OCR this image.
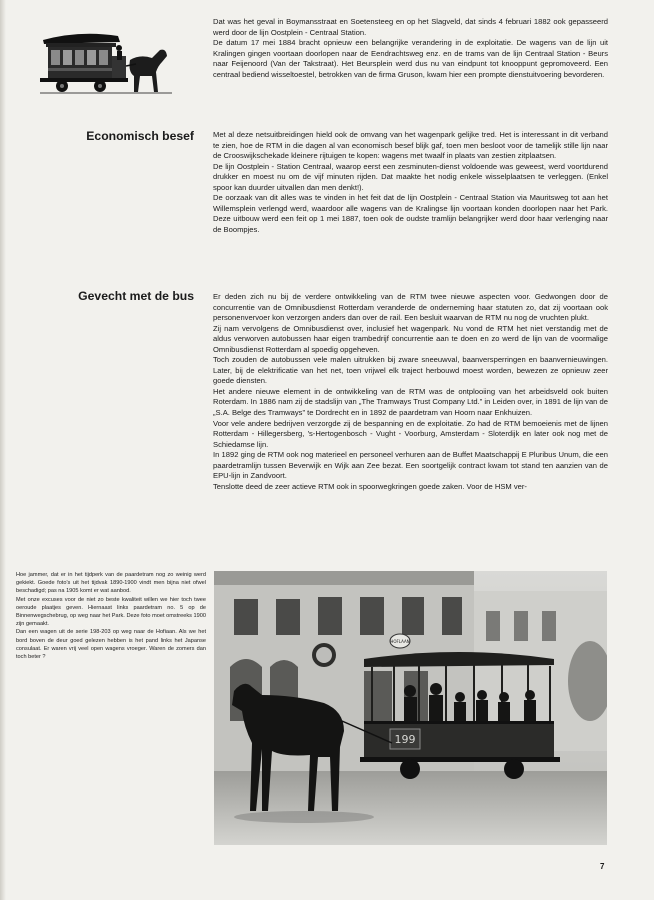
Dat was het geval in Boymansstraat en Soetensteeg en op het Slagveld, dat sinds 4 februari 1882 ook gepasseerd werd door de lijn Oostplein - Centraal Station.

De datum 17 mei 1884 bracht opnieuw een belangrijke verandering in de exploitatie. De wagens van de lijn uit Kralingen gingen voortaan doorlopen naar de Eendrachtsweg enz. en de trams van de lijn Centraal Station - Beurs naar Feijenoord (Van der Takstraat). Het Beursplein werd dus nu van eindpunt tot knooppunt gepromoveerd. Een centraal bediend wisseltoestel, betrokken van de firma Gruson, kwam hier een prompte dienstuitvoering bevorderen.

Economisch besef	Met al deze netsuitbreidingen hield ook de omvang van het wagenpark gelijke tred. Het is interessant in dit verband te zien, hoe de RTM in die dagen al van economisch besef blijk gaf, toen men besloot voor de tamelijk stille lijn naar de Crooswijkschekade kleinere rijtuigen te kopen: wagens met twaalf in plaats van zestien zitplaatsen.

De lijn Oostplein - Station Centraal, waarop eerst een zesminuten-dienst voldoende was geweest, werd voortdurend drukker en moest nu om de vijf minuten rijden. Dat maakte het nodig enkele wisselplaatsen te verleggen. (Enkel spoor kan duurder uitvallen dan men denkt!).

De oorzaak van dit alles was te vinden in het feit dat de lijn Oostplein - Centraal Station via Mauritsweg tot aan het Willemsplein verlengd werd, waardoor alle wagens van de Kralingse lijn voortaan konden doorlopen naar het Park. Deze uitbouw werd een feit op 1 mei 1887, toen ook de oudste tramlijn belangrijker werd door haar verlenging naar de Boompjes.

Gevecht met de bus	Er deden zich nu bij de verdere ontwikkeling van de RTM twee nieuwe aspecten voor. Gedwongen door de concurrentie van de Omnibusdienst Rotterdam veranderde de onderneming haar statuten zo, dat zij voortaan ook personenvervoer kon verzorgen anders dan over de rail. Een besluit waarvan de RTM nu nog de vruchten plukt.

Zij nam vervolgens de Omnibusdienst over, inclusief het wagenpark. Nu vond de RTM het niet verstandig met de aldus verworven autobussen haar eigen trambedrijf concurrentie aan te doen en zo werd de lijn van de voormalige Omnibusdienst Rotterdam al spoedig opgeheven.

Toch zouden de autobussen vele malen uitrukken bij zware sneeuwval, baanversperringen en baanvernieuwingen. Later, bij de elektrificatie van het net, toen vrijwel elk traject herbouwd moest worden, bewezen ze opnieuw zeer goede diensten.

Het andere nieuwe element in de ontwikkeling van de RTM was de ontplooiing van het arbeidsveld ook buiten Roterdam. In 1886 nam zij de stadslijn van „The Tramways Trust Company Ltd.” in Leiden over, in 1891 de lijn van de „S.A. Belge des Tramways” te Dordrecht en in 1892 de paardetram van Hoorn naar Enkhuizen.

Voor vele andere bedrijven verzorgde zij de bespanning en de exploitatie. Zo had de RTM bemoeienis met de lijnen Rotterdam - Hillegersberg, 's-Hertogenbosch - Vught - Voorburg, Amsterdam - Sloterdijk en later ook nog met de Schiedamse lijn.

In 1892 ging de RTM ook nog materieel en personeel verhuren aan de Buffet Maatschappij E Pluribus Unum, die een paardetramlijn tussen Beverwijk en Wijk aan Zee bezat. Een soortgelijk contract kwam tot stand ten aanzien van de EPU-lijn in Zandvoort.

Tenslotte deed de zeer actieve RTM ook in spoorwegkringen goede zaken. Voor de HSM ver-

Hoe jammer, dat er in het tijdperk van de paardetram nog zo weinig werd gekiekt. Goede foto's uit het tijdvak 1890-1900 vindt men bijna niet ofwel beschadigd; pas na 1905 komt er wat aanbod.

Met onze excuses voor de niet zo beste kwaliteit willen we hier toch twee oeroude plaatjes geven. Hiernaast links paardetram no. 5 op de Binnenwegschebrug, op weg naar het Park. Deze foto moet omstreeks 1900 zijn gemaakt.

Dan een wagen uit de serie 198-203 op weg naar de Hofiaan. Als we het bord boven de deur goed gelezen hebben is het pand links het Japanse consulaat. Er waren vrij veel open wagens vroeger. Waren de zomers dan toch beter ?

HOFLAAN
199
7
